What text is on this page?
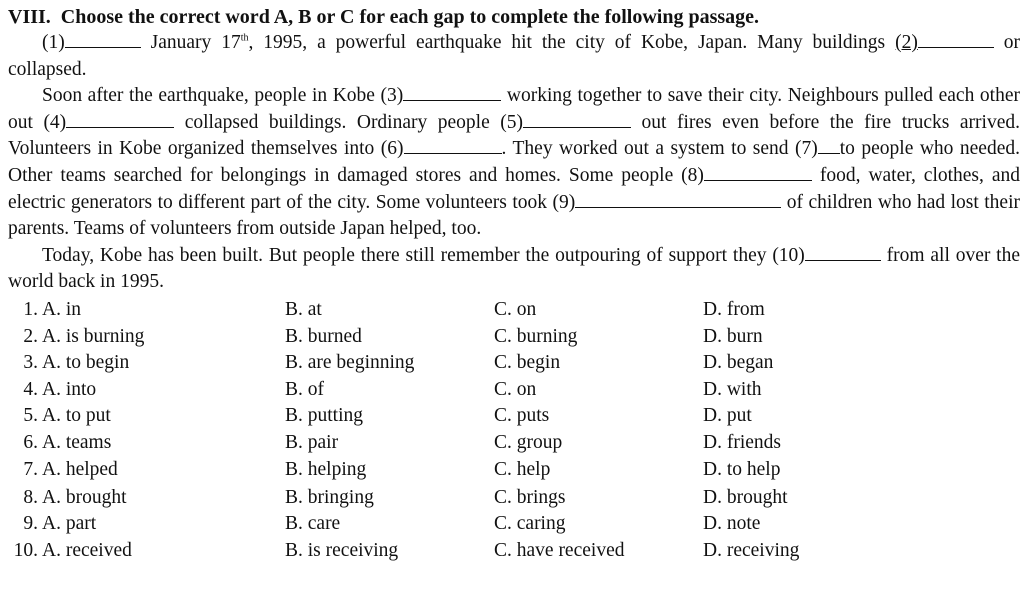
VIII. Choose the correct word A, B or C for each gap to complete the following passage.

(1)	January 17th, 1995, a powerful earthquake hit the city of Kobe, Japan. Many buildings (2)	or collapsed.

Soon after the earthquake, people in Kobe (3)	working together to save their city. Neighbours pulled each other out (4)	collapsed buildings. Ordinary people (5)	out fires even before the fire trucks arrived. Volunteers in Kobe organized themselves into (6)	. They worked out a system to send (7) to people who needed. Other teams searched for belongings in damaged stores and homes. Some people (8)	food, water, clothes, and electric generators to different part of the city. Some volunteers took (9)	of children who had lost their parents. Teams of volunteers from outside Japan helped, too.

Today, Kobe has been built. But people there still remember the outpouring of support they (10)	from all over the world back in 1995.

1. A. in	B. at	C. on	D. from
2. A. is burning	B. burned	C. burning	D. burn
3. A. to begin	B. are beginning	C. begin	D. began
4. A. into	B. of	C. on	D. with
5. A. to put	B. putting	C. puts	D. put
6. A. teams	B. pair	C. group	D. friends
7. A. helped	B. helping	C. help	D. to help
8. A. brought	B. bringing	C. brings	D. brought
9. A. part	B. care	C. caring	D. note
10. A. received	B. is receiving	C. have received	D. receiving
